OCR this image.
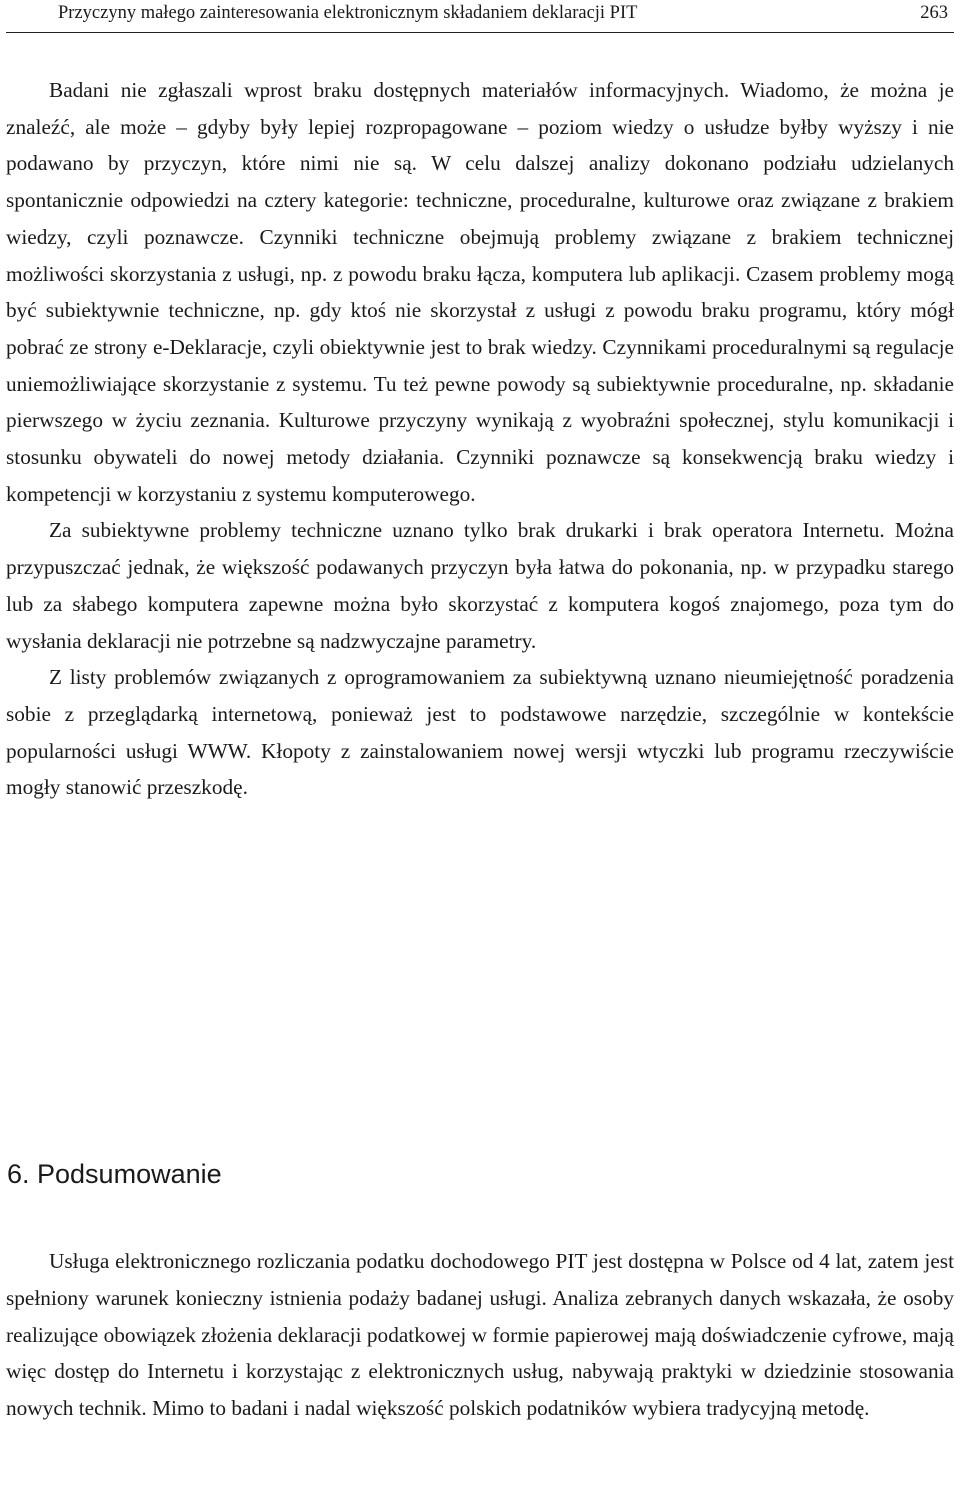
Przyczyny małego zainteresowania elektronicznym składaniem deklaracji PIT	263

Badani nie zgłaszali wprost braku dostępnych materiałów informacyjnych. Wiadomo, że można je znaleźć, ale może – gdyby były lepiej rozpropagowane – poziom wiedzy o usłudze byłby wyższy i nie podawano by przyczyn, które nimi nie są. W celu dalszej analizy dokonano podziału udzielanych spontanicznie odpowiedzi na cztery kategorie: techniczne, proceduralne, kulturowe oraz związane z brakiem wiedzy, czyli poznawcze. Czynniki techniczne obejmują problemy związane z brakiem technicznej możliwości skorzystania z usługi, np. z powodu braku łącza, komputera lub aplikacji. Czasem problemy mogą być subiektywnie techniczne, np. gdy ktoś nie skorzystał z usługi z powodu braku programu, który mógł pobrać ze strony e-Deklaracje, czyli obiektywnie jest to brak wiedzy. Czynnikami proceduralnymi są regulacje uniemożliwiające skorzystanie z systemu. Tu też pewne powody są subiektywnie proceduralne, np. składanie pierwszego w życiu zeznania. Kulturowe przyczyny wynikają z wyobraźni społecznej, stylu komunikacji i stosunku obywateli do nowej metody działania. Czynniki poznawcze są konsekwencją braku wiedzy i kompetencji w korzystaniu z systemu komputerowego.

Za subiektywne problemy techniczne uznano tylko brak drukarki i brak operatora Internetu. Można przypuszczać jednak, że większość podawanych przyczyn była łatwa do pokonania, np. w przypadku starego lub za słabego komputera zapewne można było skorzystać z komputera kogoś znajomego, poza tym do wysłania deklaracji nie potrzebne są nadzwyczajne parametry.

Z listy problemów związanych z oprogramowaniem za subiektywną uznano nieumiejętność poradzenia sobie z przeglądarką internetową, ponieważ jest to podstawowe narzędzie, szczególnie w kontekście popularności usługi WWW. Kłopoty z zainstalowaniem nowej wersji wtyczki lub programu rzeczywiście mogły stanowić przeszkodę.

6. Podsumowanie

Usługa elektronicznego rozliczania podatku dochodowego PIT jest dostępna w Polsce od 4 lat, zatem jest spełniony warunek konieczny istnienia podaży badanej usługi. Analiza zebranych danych wskazała, że osoby realizujące obowiązek złożenia deklaracji podatkowej w formie papierowej mają doświadczenie cyfrowe, mają więc dostęp do Internetu i korzystając z elektronicznych usług, nabywają praktyki w dziedzinie stosowania nowych technik. Mimo to badani i nadal większość polskich podatników wybiera tradycyjną metodę.
